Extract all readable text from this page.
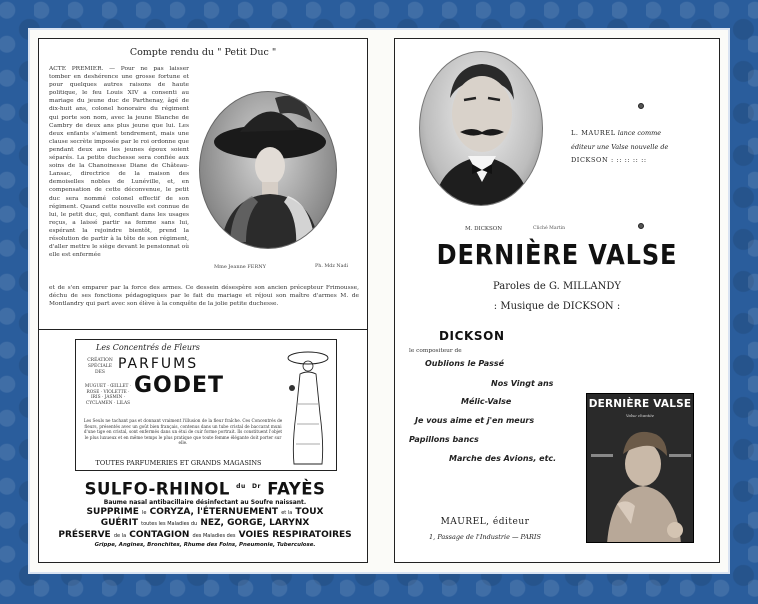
Compte rendu du " Petit Duc "
ACTE PREMIER. — Pour ne pas laisser tomber en deshérence une grosse fortune et pour quelques autres raisons de haute politique, le feu Louis XIV a consenti au mariage du jeune duc de Parthenay, âgé de dix-huit ans, colonel honoraire du régiment qui porte son nom, avec la jeune Blanche de Cambry de deux ans plus jeune que lui. Les deux enfants s'aiment tendrement, mais une clause secrète imposée par le roi ordonne que pendant deux ans les jeunes époux soient séparés. La petite duchesse sera confiée aux soins de la Chanoinesse Diane de Château-Lansac, directrice de la maison des demoiselles nobles de Lunéville, et, en compensation de cette déconvenue, le petit duc sera nommé colonel effectif de son régiment. Quand cette nouvelle est connue de lui, le petit duc, qui, confiant dans les usages reçus, a laissé partir sa femme sans lui, espérant la rejoindre bientôt, prend la résolution de partir à la tête de son régiment, d'aller mettre le siège devant le pensionnat où elle est enfermée
Mme Jeanne FERNY	Ph. Mdz Nadi
et de s'en emparer par la force des armes. Ce dessein désespère son ancien précepteur Frimousse, déchu de ses fonctions pédagogiques par le fait du mariage et réjoui son maître d'armes M. de Montlandry qui part avec son élève à la conquête de la jolie petite duchesse.
Les Concentrés de Fleurs
CRÉATION SPÉCIALE DES
PARFUMS
GODET
MUGUET · ŒILLET · ROSE · VIOLETTE · IRIS · JASMIN · CYCLAMEN · LILAS
Les Seuls ne tachant pas et donnant vraiment l'illusion de la fleur fraîche. Ces Concentrés de fleurs, présentés avec un goût bien français, contenus dans un tube cristal de baccarat muni d'une tige en cristal, sont enfermés dans un étui de cuir forme portrait. Ils constituent l'objet le plus luxueux et en même temps le plus pratique que toute femme élégante doit porter sur elle.
TOUTES PARFUMERIES ET GRANDS MAGASINS
SULFO-RHINOL $^{du}$ $^{Dr}$ FAYÈS
Baume nasal antibacillaire désinfectant au Soufre naissant.
SUPPRIME le CORYZA, l'ÉTERNUEMENT et la TOUX
GUÉRIT toutes les Maladies du NEZ, GORGE, LARYNX
PRÉSERVE de la CONTAGION des Maladies des VOIES RESPIRATOIRES
Grippe, Angines, Bronchites, Rhume des Foins, Pneumonie, Tuberculose.
M. DICKSON	Cliché Martin
L. MAUREL lance comme
éditeur une Valse nouvelle de
DICKSON : :: :: :: ::
DERNIÈRE VALSE
Paroles de G. MILLANDY
: Musique de DICKSON :
DICKSON
le compositeur de
Oublions le Passé
Nos Vingt ans
Mélic-Valse
Je vous aime et j'en meurs
Papillons bancs
Marche des Avions, etc.
MAUREL, éditeur
1, Passage de l'Industrie — PARIS
DERNIÈRE VALSE
Valse chantée
